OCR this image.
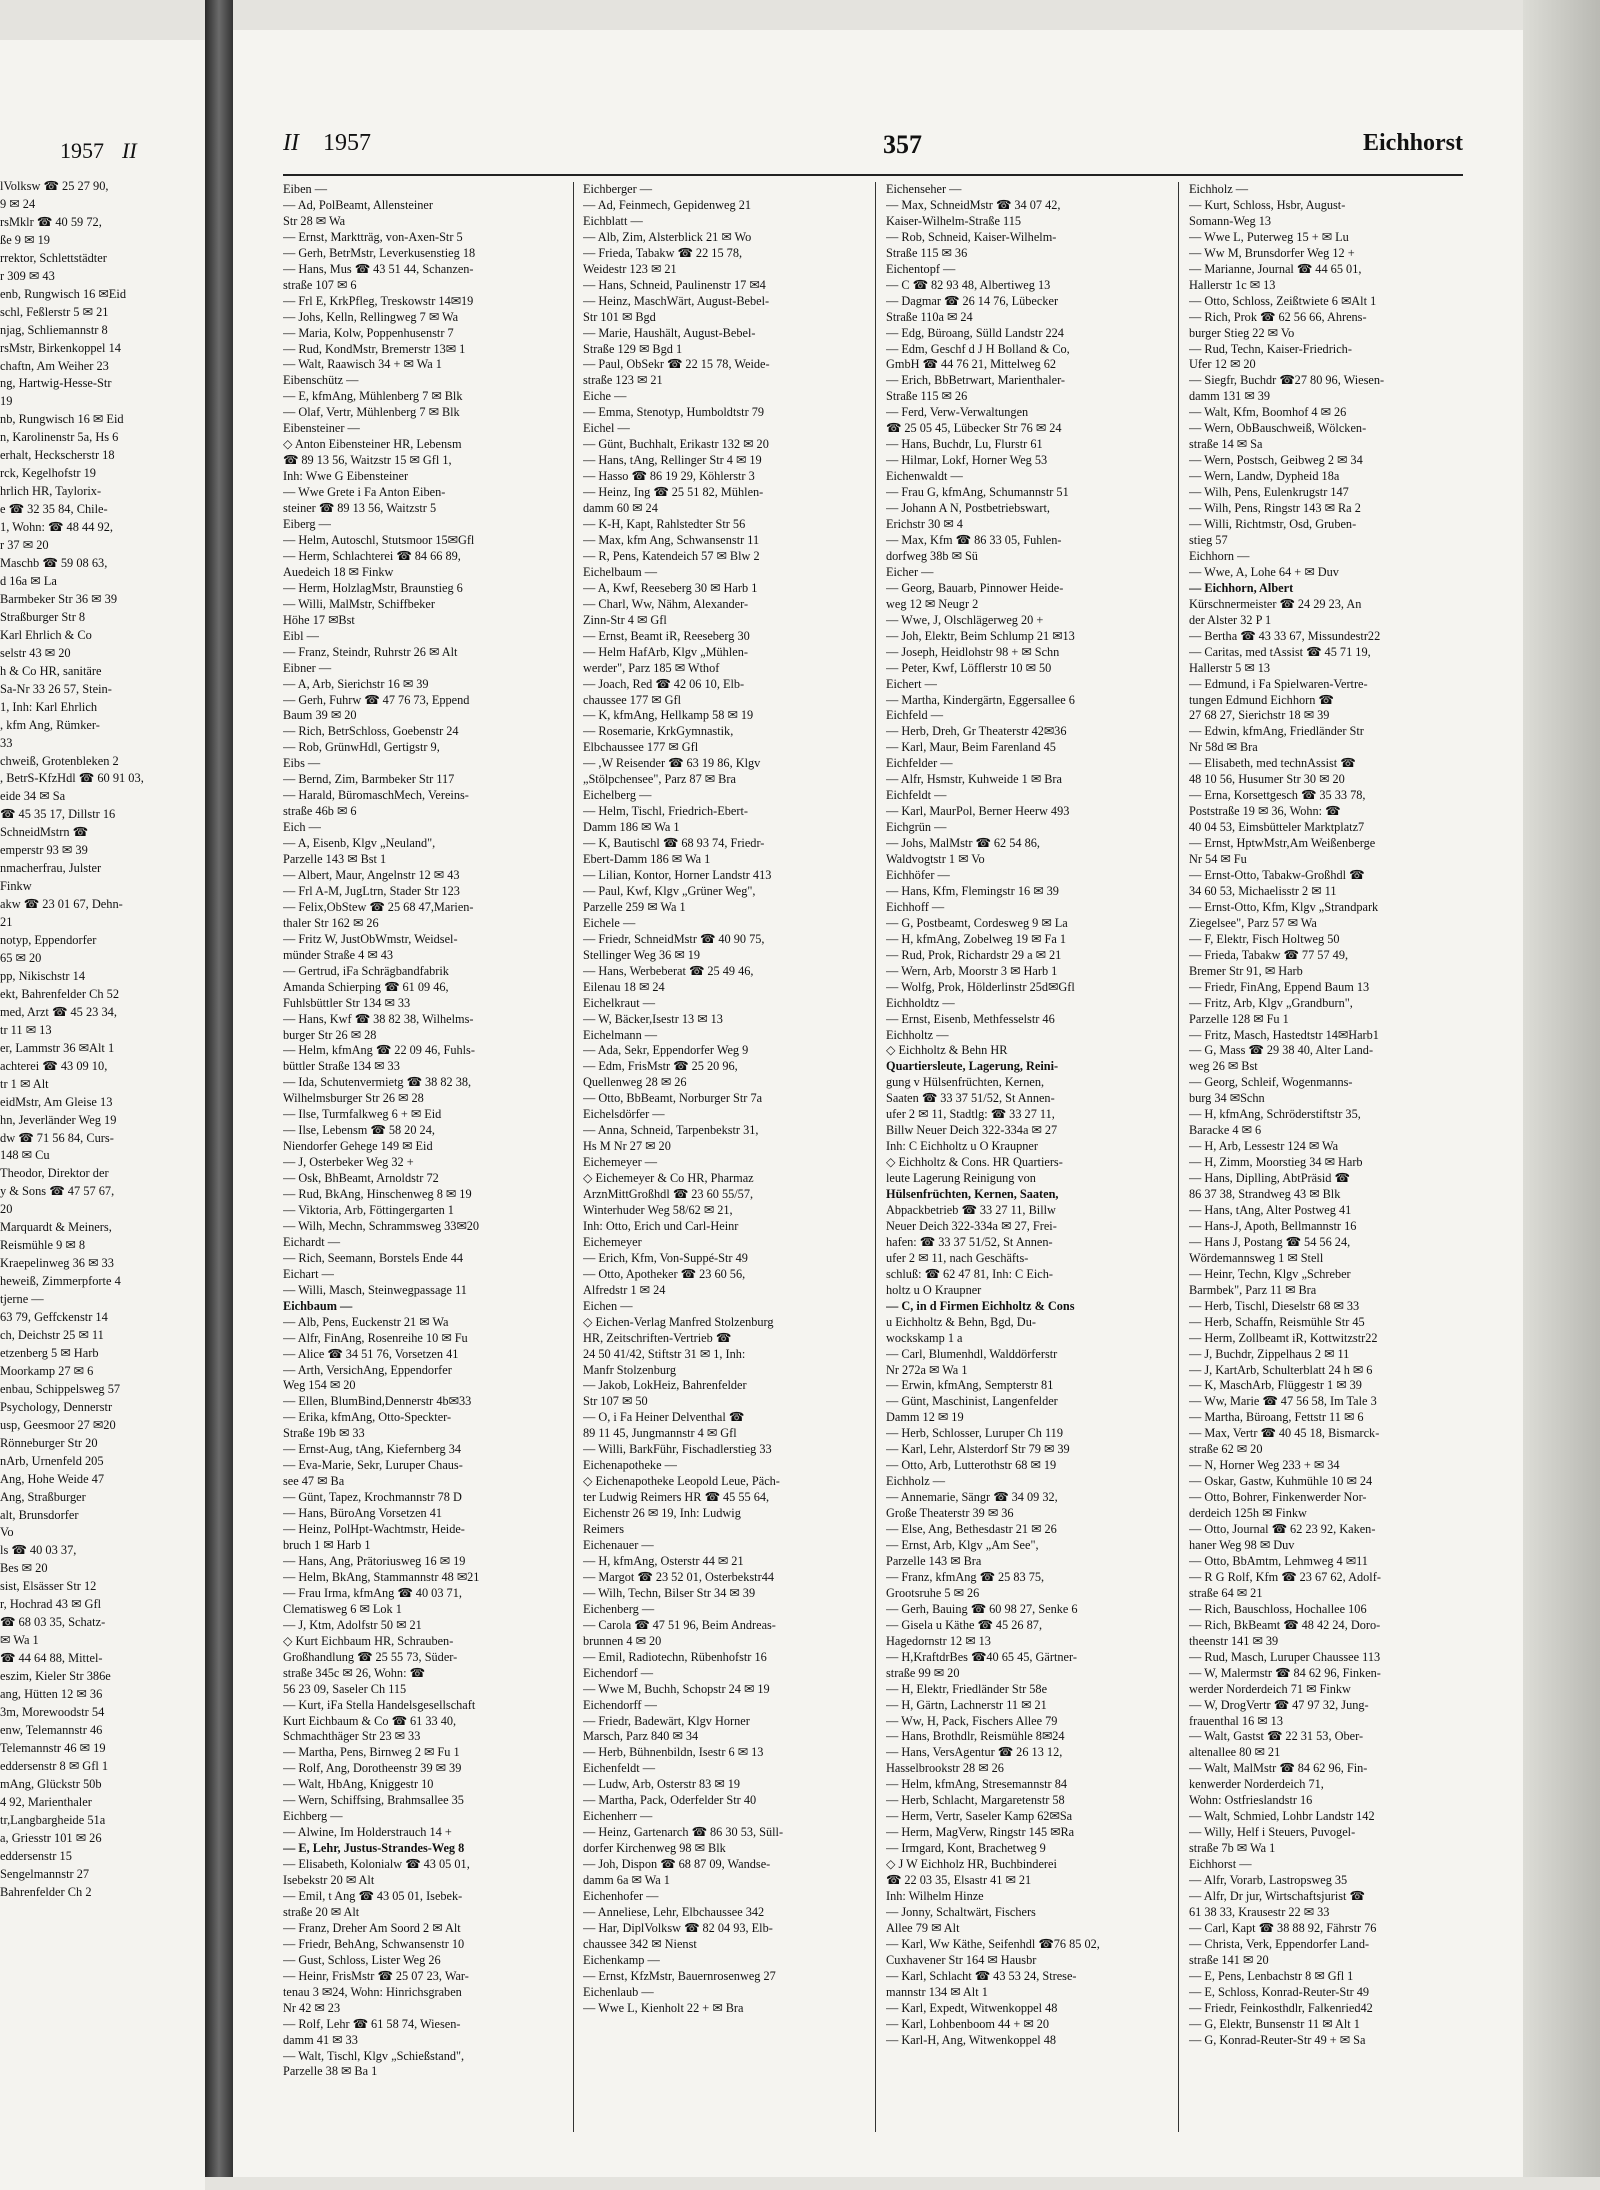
1957 II
lVolksw ☎ 25 27 90,
9 ✉ 24
rsMklr ☎ 40 59 72,
ße 9 ✉ 19
rrektor, Schlettstädter
r 309 ✉ 43
enb, Rungwisch 16 ✉Eid
schl, Feßlerstr 5 ✉ 21
njag, Schliemannstr 8
rsMstr, Birkenkoppel 14
chaftn, Am Weiher 23
ng, Hartwig-Hesse-Str
19
nb, Rungwisch 16 ✉ Eid
n, Karolinenstr 5a, Hs 6
erhalt, Heckscherstr 18
rck, Kegelhofstr 19
hrlich HR, Taylorix-
e ☎ 32 35 84, Chile-
1, Wohn: ☎ 48 44 92,
r 37 ✉ 20
Maschb ☎ 59 08 63,
d 16a ✉ La
Barmbeker Str 36 ✉ 39
Straßburger Str 8
Karl Ehrlich & Co
selstr 43 ✉ 20
h & Co HR, sanitäre
Sa-Nr 33 26 57, Stein-
1, Inh: Karl Ehrlich
, kfm Ang, Rümker-
33
chweiß, Grotenbleken 2
, BetrS-KfzHdl ☎ 60 91 03,
eide 34 ✉ Sa
☎ 45 35 17, Dillstr 16
SchneidMstrn ☎
emperstr 93 ✉ 39
nmacherfrau, Julster
Finkw
akw ☎ 23 01 67, Dehn-
21
notyp, Eppendorfer
65 ✉ 20
pp, Nikischstr 14
ekt, Bahrenfelder Ch 52
med, Arzt ☎ 45 23 34,
tr 11 ✉ 13
er, Lammstr 36 ✉Alt 1
achterei ☎ 43 09 10,
tr 1 ✉ Alt
eidMstr, Am Gleise 13
hn, Jeverländer Weg 19
dw ☎ 71 56 84, Curs-
148 ✉ Cu
Theodor, Direktor der
y & Sons ☎ 47 57 67,
20
Marquardt & Meiners,
Reismühle 9 ✉ 8
Kraepelinweg 36 ✉ 33
heweiß, Zimmerpforte 4
tjerne —
63 79, Geffckenstr 14
ch, Deichstr 25 ✉ 11
etzenberg 5 ✉ Harb
Moorkamp 27 ✉ 6
enbau, Schippelsweg 57
Psychology, Dennerstr
usp, Geesmoor 27 ✉20
Rönneburger Str 20
nArb, Urnenfeld 205
Ang, Hohe Weide 47
Ang, Straßburger
alt, Brunsdorfer
Vo
ls ☎ 40 03 37,
Bes ✉ 20
sist, Elsässer Str 12
r, Hochrad 43 ✉ Gfl
☎ 68 03 35, Schatz-
✉ Wa 1
☎ 44 64 88, Mittel-
eszim, Kieler Str 386e
ang, Hütten 12 ✉ 36
3m, Morewoodstr 54
enw, Telemannstr 46
Telemannstr 46 ✉ 19
eddersenstr 8 ✉ Gfl 1
mAng, Glückstr 50b
4 92, Marienthaler
tr,Langbargheide 51a
a, Griesstr 101 ✉ 26
eddersenstr 15
Sengelmannstr 27
Bahrenfelder Ch 2
II 1957	357	Eichhorst
Eiben —
— Ad, PolBeamt, Allensteiner
Str 28 ✉ Wa
— Ernst, Marktträg, von-Axen-Str 5
— Gerh, BetrMstr, Leverkusenstieg 18
— Hans, Mus ☎ 43 51 44, Schanzen-
straße 107 ✉ 6
— Frl E, KrkPfleg, Treskowstr 14✉19
— Johs, Kelln, Rellingweg 7 ✉ Wa
— Maria, Kolw, Poppenhusenstr 7
— Rud, KondMstr, Bremerstr 13✉ 1
— Walt, Raawisch 34 + ✉ Wa 1
Eibenschütz —
— E, kfmAng, Mühlenberg 7 ✉ Blk
— Olaf, Vertr, Mühlenberg 7 ✉ Blk
Eibensteiner —
◇ Anton Eibensteiner HR, Lebensm
☎ 89 13 56, Waitzstr 15 ✉ Gfl 1,
Inh: Wwe G Eibensteiner
— Wwe Grete i Fa Anton Eiben-
steiner ☎ 89 13 56, Waitzstr 5
Eiberg —
— Helm, Autoschl, Stutsmoor 15✉Gfl
— Herm, Schlachterei ☎ 84 66 89,
Auedeich 18 ✉ Finkw
— Herm, HolzlagMstr, Braunstieg 6
— Willi, MalMstr, Schiffbeker
Höhe 17 ✉Bst
Eibl —
— Franz, Steindr, Ruhrstr 26 ✉ Alt
Eibner —
— A, Arb, Sierichstr 16 ✉ 39
— Gerh, Fuhrw ☎ 47 76 73, Eppend
Baum 39 ✉ 20
— Rich, BetrSchloss, Goebenstr 24
— Rob, GrünwHdl, Gertigstr 9,
Eibs —
— Bernd, Zim, Barmbeker Str 117
— Harald, BüromaschMech, Vereins-
straße 46b ✉ 6
Eich —
— A, Eisenb, Klgv „Neuland",
Parzelle 143 ✉ Bst 1
— Albert, Maur, Angelnstr 12 ✉ 43
— Frl A-M, JugLtrn, Stader Str 123
— Felix,ObStew ☎ 25 68 47,Marien-
thaler Str 162 ✉ 26
— Fritz W, JustObWmstr, Weidsel-
münder Straße 4 ✉ 43
— Gertrud, iFa Schrägbandfabrik
Amanda Schierping ☎ 61 09 46,
Fuhlsbüttler Str 134 ✉ 33
— Hans, Kwf ☎ 38 82 38, Wilhelms-
burger Str 26 ✉ 28
— Helm, kfmAng ☎ 22 09 46, Fuhls-
büttler Straße 134 ✉ 33
— Ida, Schutenvermietg ☎ 38 82 38,
Wilhelmsburger Str 26 ✉ 28
— Ilse, Turmfalkweg 6 + ✉ Eid
— Ilse, Lebensm ☎ 58 20 24,
Niendorfer Gehege 149 ✉ Eid
— J, Osterbeker Weg 32 +
— Osk, BhBeamt, Arnoldstr 72
— Rud, BkAng, Hinschenweg 8 ✉ 19
— Viktoria, Arb, Föttingergarten 1
— Wilh, Mechn, Schrammsweg 33✉20
Eichardt —
— Rich, Seemann, Borstels Ende 44
Eichart —
— Willi, Masch, Steinwegpassage 11
Eichbaum —
— Alb, Pens, Euckenstr 21 ✉ Wa
— Alfr, FinAng, Rosenreihe 10 ✉ Fu
— Alice ☎ 34 51 76, Vorsetzen 41
— Arth, VersichAng, Eppendorfer
Weg 154 ✉ 20
— Ellen, BlumBind,Dennerstr 4b✉33
— Erika, kfmAng, Otto-Speckter-
Straße 19b ✉ 33
— Ernst-Aug, tAng, Kiefernberg 34
— Eva-Marie, Sekr, Luruper Chaus-
see 47 ✉ Ba
— Günt, Tapez, Krochmannstr 78 D
— Hans, BüroAng Vorsetzen 41
— Heinz, PolHpt-Wachtmstr, Heide-
bruch 1 ✉ Harb 1
— Hans, Ang, Prätoriusweg 16 ✉ 19
— Helm, BkAng, Stammannstr 48 ✉21
— Frau Irma, kfmAng ☎ 40 03 71,
Clematisweg 6 ✉ Lok 1
— J, Ktm, Adolfstr 50 ✉ 21
◇ Kurt Eichbaum HR, Schrauben-
Großhandlung ☎ 25 55 73, Süder-
straße 345c ✉ 26, Wohn: ☎
56 23 09, Saseler Ch 115
— Kurt, iFa Stella Handelsgesellschaft
Kurt Eichbaum & Co ☎ 61 33 40,
Schmachthäger Str 23 ✉ 33
— Martha, Pens, Birnweg 2 ✉ Fu 1
— Rolf, Ang, Dorotheenstr 39 ✉ 39
— Walt, HbAng, Kniggestr 10
— Wern, Schiffsing, Brahmsallee 35
Eichberg —
— Alwine, Im Holderstrauch 14 +
— E, Lehr, Justus-Strandes-Weg 8
— Elisabeth, Kolonialw ☎ 43 05 01,
Isebekstr 20 ✉ Alt
— Emil, t Ang ☎ 43 05 01, Isebek-
straße 20 ✉ Alt
— Franz, Dreher Am Soord 2 ✉ Alt
— Friedr, BehAng, Schwansenstr 10
— Gust, Schloss, Lister Weg 26
— Heinr, FrisMstr ☎ 25 07 23, War-
tenau 3 ✉24, Wohn: Hinrichsgraben
Nr 42 ✉ 23
— Rolf, Lehr ☎ 61 58 74, Wiesen-
damm 41 ✉ 33
— Walt, Tischl, Klgv „Schießstand",
Parzelle 38 ✉ Ba 1
Eichberger —
— Ad, Feinmech, Gepidenweg 21
Eichblatt —
— Alb, Zim, Alsterblick 21 ✉ Wo
— Frieda, Tabakw ☎ 22 15 78,
Weidestr 123 ✉ 21
— Hans, Schneid, Paulinenstr 17 ✉4
— Heinz, MaschWärt, August-Bebel-
Str 101 ✉ Bgd
— Marie, Haushält, August-Bebel-
Straße 129 ✉ Bgd 1
— Paul, ObSekr ☎ 22 15 78, Weide-
straße 123 ✉ 21
Eiche —
— Emma, Stenotyp, Humboldtstr 79
Eichel —
— Günt, Buchhalt, Erikastr 132 ✉ 20
— Hans, tAng, Rellinger Str 4 ✉ 19
— Hasso ☎ 86 19 29, Köhlerstr 3
— Heinz, Ing ☎ 25 51 82, Mühlen-
damm 60 ✉ 24
— K-H, Kapt, Rahlstedter Str 56
— Max, kfm Ang, Schwansenstr 11
— R, Pens, Katendeich 57 ✉ Blw 2
Eichelbaum —
— A, Kwf, Reeseberg 30 ✉ Harb 1
— Charl, Ww, Nähm, Alexander-
Zinn-Str 4 ✉ Gfl
— Ernst, Beamt iR, Reeseberg 30
— Helm HafArb, Klgv „Mühlen-
werder", Parz 185 ✉ Wthof
— Joach, Red ☎ 42 06 10, Elb-
chaussee 177 ✉ Gfl
— K, kfmAng, Hellkamp 58 ✉ 19
— Rosemarie, KrkGymnastik,
Elbchaussee 177 ✉ Gfl
— ,W Reisender ☎ 63 19 86, Klgv
„Stölpchensee", Parz 87 ✉ Bra
Eichelberg —
— Helm, Tischl, Friedrich-Ebert-
Damm 186 ✉ Wa 1
— K, Bautischl ☎ 68 93 74, Friedr-
Ebert-Damm 186 ✉ Wa 1
— Lilian, Kontor, Horner Landstr 413
— Paul, Kwf, Klgv „Grüner Weg",
Parzelle 259 ✉ Wa 1
Eichele —
— Friedr, SchneidMstr ☎ 40 90 75,
Stellinger Weg 36 ✉ 19
— Hans, Werbeberat ☎ 25 49 46,
Eilenau 18 ✉ 24
Eichelkraut —
— W, Bäcker,Isestr 13 ✉ 13
Eichelmann —
— Ada, Sekr, Eppendorfer Weg 9
— Edm, FrisMstr ☎ 25 20 96,
Quellenweg 28 ✉ 26
— Otto, BbBeamt, Norburger Str 7a
Eichelsdörfer —
— Anna, Schneid, Tarpenbekstr 31,
Hs M Nr 27 ✉ 20
Eichemeyer —
◇ Eichemeyer & Co HR, Pharmaz
ArznMittGroßhdl ☎ 23 60 55/57,
Winterhuder Weg 58/62 ✉ 21,
Inh: Otto, Erich und Carl-Heinr
Eichemeyer
— Erich, Kfm, Von-Suppé-Str 49
— Otto, Apotheker ☎ 23 60 56,
Alfredstr 1 ✉ 24
Eichen —
◇ Eichen-Verlag Manfred Stolzenburg
HR, Zeitschriften-Vertrieb ☎
24 50 41/42, Stiftstr 31 ✉ 1, Inh:
Manfr Stolzenburg
— Jakob, LokHeiz, Bahrenfelder
Str 107 ✉ 50
— O, i Fa Heiner Delventhal ☎
89 11 45, Jungmannstr 4 ✉ Gfl
— Willi, BarkFühr, Fischadlerstieg 33
Eichenapotheke —
◇ Eichenapotheke Leopold Leue, Päch-
ter Ludwig Reimers HR ☎ 45 55 64,
Eichenstr 26 ✉ 19, Inh: Ludwig
Reimers
Eichenauer —
— H, kfmAng, Osterstr 44 ✉ 21
— Margot ☎ 23 52 01, Osterbekstr44
— Wilh, Techn, Bilser Str 34 ✉ 39
Eichenberg —
— Carola ☎ 47 51 96, Beim Andreas-
brunnen 4 ✉ 20
— Emil, Radiotechn, Rübenhofstr 16
Eichendorf —
— Wwe M, Buchh, Schopstr 24 ✉ 19
Eichendorff —
— Friedr, Badewärt, Klgv Horner
Marsch, Parz 840 ✉ 34
— Herb, Bühnenbildn, Isestr 6 ✉ 13
Eichenfeldt —
— Ludw, Arb, Osterstr 83 ✉ 19
— Martha, Pack, Oderfelder Str 40
Eichenherr —
— Heinz, Gartenarch ☎ 86 30 53, Süll-
dorfer Kirchenweg 98 ✉ Blk
— Joh, Dispon ☎ 68 87 09, Wandse-
damm 6a ✉ Wa 1
Eichenhofer —
— Anneliese, Lehr, Elbchaussee 342
— Har, DiplVolksw ☎ 82 04 93, Elb-
chaussee 342 ✉ Nienst
Eichenkamp —
— Ernst, KfzMstr, Bauernrosenweg 27
Eichenlaub —
— Wwe L, Kienholt 22 + ✉ Bra
Eichenseher —
— Max, SchneidMstr ☎ 34 07 42,
Kaiser-Wilhelm-Straße 115
— Rob, Schneid, Kaiser-Wilhelm-
Straße 115 ✉ 36
Eichentopf —
— C ☎ 82 93 48, Albertiweg 13
— Dagmar ☎ 26 14 76, Lübecker
Straße 110a ✉ 24
— Edg, Büroang, Sülld Landstr 224
— Edm, Geschf d J H Bolland & Co,
GmbH ☎ 44 76 21, Mittelweg 62
— Erich, BbBetrwart, Marienthaler-
Straße 115 ✉ 26
— Ferd, Verw-Verwaltungen
☎ 25 05 45, Lübecker Str 76 ✉ 24
— Hans, Buchdr, Lu, Flurstr 61
— Hilmar, Lokf, Horner Weg 53
Eichenwaldt —
— Frau G, kfmAng, Schumannstr 51
— Johann A N, Postbetriebswart,
Erichstr 30 ✉ 4
— Max, Kfm ☎ 86 33 05, Fuhlen-
dorfweg 38b ✉ Sü
Eicher —
— Georg, Bauarb, Pinnower Heide-
weg 12 ✉ Neugr 2
— Wwe, J, Olschlägerweg 20 +
— Joh, Elektr, Beim Schlump 21 ✉13
— Joseph, Heidlohstr 98 + ✉ Schn
— Peter, Kwf, Löfflerstr 10 ✉ 50
Eichert —
— Martha, Kindergärtn, Eggersallee 6
Eichfeld —
— Herb, Dreh, Gr Theaterstr 42✉36
— Karl, Maur, Beim Farenland 45
Eichfelder —
— Alfr, Hsmstr, Kuhweide 1 ✉ Bra
Eichfeldt —
— Karl, MaurPol, Berner Heerw 493
Eichgrün —
— Johs, MalMstr ☎ 62 54 86,
Waldvogtstr 1 ✉ Vo
Eichhöfer —
— Hans, Kfm, Flemingstr 16 ✉ 39
Eichhoff —
— G, Postbeamt, Cordesweg 9 ✉ La
— H, kfmAng, Zobelweg 19 ✉ Fa 1
— Rud, Prok, Richardstr 29 a ✉ 21
— Wern, Arb, Moorstr 3 ✉ Harb 1
— Wolfg, Prok, Hölderlinstr 25d✉Gfl
Eichholdtz —
— Ernst, Eisenb, Methfesselstr 46
Eichholtz —
◇ Eichholtz & Behn HR
Quartiersleute, Lagerung, Reini-
gung v Hülsenfrüchten, Kernen,
Saaten ☎ 33 37 51/52, St Annen-
ufer 2 ✉ 11, Stadtlg: ☎ 33 27 11,
Billw Neuer Deich 322-334a ✉ 27
Inh: C Eichholtz u O Kraupner
◇ Eichholtz & Cons. HR Quartiers-
leute Lagerung Reinigung von
Hülsenfrüchten, Kernen, Saaten,
Abpackbetrieb ☎ 33 27 11, Billw
Neuer Deich 322-334a ✉ 27, Frei-
hafen: ☎ 33 37 51/52, St Annen-
ufer 2 ✉ 11, nach Geschäfts-
schluß: ☎ 62 47 81, Inh: C Eich-
holtz u O Kraupner
— C, in d Firmen Eichholtz & Cons
u Eichholtz & Behn, Bgd, Du-
wockskamp 1 a
— Carl, Blumenhdl, Walddörferstr
Nr 272a ✉ Wa 1
— Erwin, kfmAng, Sempterstr 81
— Günt, Maschinist, Langenfelder
Damm 12 ✉ 19
— Herb, Schlosser, Luruper Ch 119
— Karl, Lehr, Alsterdorf Str 79 ✉ 39
— Otto, Arb, Lutterothstr 68 ✉ 19
Eichholz —
— Annemarie, Sängr ☎ 34 09 32,
Große Theaterstr 39 ✉ 36
— Else, Ang, Bethesdastr 21 ✉ 26
— Ernst, Arb, Klgv „Am See",
Parzelle 143 ✉ Bra
— Franz, kfmAng ☎ 25 83 75,
Grootsruhe 5 ✉ 26
— Gerh, Bauing ☎ 60 98 27, Senke 6
— Gisela u Käthe ☎ 45 26 87,
Hagedornstr 12 ✉ 13
— H,KraftdrBes ☎40 65 45, Gärtner-
straße 99 ✉ 20
— H, Elektr, Friedländer Str 58e
— H, Gärtn, Lachnerstr 11 ✉ 21
— Ww, H, Pack, Fischers Allee 79
— Hans, Brothdlr, Reismühle 8✉24
— Hans, VersAgentur ☎ 26 13 12,
Hasselbrookstr 28 ✉ 26
— Helm, kfmAng, Stresemannstr 84
— Herb, Schlacht, Margaretenstr 58
— Herm, Vertr, Saseler Kamp 62✉Sa
— Herm, MagVerw, Ringstr 145 ✉Ra
— Irmgard, Kont, Brachetweg 9
◇ J W Eichholz HR, Buchbinderei
☎ 22 03 35, Elsastr 41 ✉ 21
Inh: Wilhelm Hinze
— Jonny, Schaltwärt, Fischers
Allee 79 ✉ Alt
— Karl, Ww Käthe, Seifenhdl ☎76 85 02,
Cuxhavener Str 164 ✉ Hausbr
— Karl, Schlacht ☎ 43 53 24, Strese-
mannstr 134 ✉ Alt 1
— Karl, Expedt, Witwenkoppel 48
— Karl, Lohbenboom 44 + ✉ 20
— Karl-H, Ang, Witwenkoppel 48
Eichholz —
— Kurt, Schloss, Hsbr, August-
Somann-Weg 13
— Wwe L, Puterweg 15 + ✉ Lu
— Ww M, Brunsdorfer Weg 12 +
— Marianne, Journal ☎ 44 65 01,
Hallerstr 1c ✉ 13
— Otto, Schloss, Zeißtwiete 6 ✉Alt 1
— Rich, Prok ☎ 62 56 66, Ahrens-
burger Stieg 22 ✉ Vo
— Rud, Techn, Kaiser-Friedrich-
Ufer 12 ✉ 20
— Siegfr, Buchdr ☎27 80 96, Wiesen-
damm 131 ✉ 39
— Walt, Kfm, Boomhof 4 ✉ 26
— Wern, ObBauschweiß, Wölcken-
straße 14 ✉ Sa
— Wern, Postsch, Geibweg 2 ✉ 34
— Wern, Landw, Dypheid 18a
— Wilh, Pens, Eulenkrugstr 147
— Wilh, Pens, Ringstr 143 ✉ Ra 2
— Willi, Richtmstr, Osd, Gruben-
stieg 57
Eichhorn —
— Wwe, A, Lohe 64 + ✉ Duv
— Eichhorn, Albert
Kürschnermeister ☎ 24 29 23, An
der Alster 32 P 1
— Bertha ☎ 43 33 67, Missundestr22
— Caritas, med tAssist ☎ 45 71 19,
Hallerstr 5 ✉ 13
— Edmund, i Fa Spielwaren-Vertre-
tungen Edmund Eichhorn ☎
27 68 27, Sierichstr 18 ✉ 39
— Edwin, kfmAng, Friedländer Str
Nr 58d ✉ Bra
— Elisabeth, med technAssist ☎
48 10 56, Husumer Str 30 ✉ 20
— Erna, Korsettgesch ☎ 35 33 78,
Poststraße 19 ✉ 36, Wohn: ☎
40 04 53, Eimsbütteler Marktplatz7
— Ernst, HptwMstr,Am Weißenberge
Nr 54 ✉ Fu
— Ernst-Otto, Tabakw-Großhdl ☎
34 60 53, Michaelisstr 2 ✉ 11
— Ernst-Otto, Kfm, Klgv „Strandpark
Ziegelsee", Parz 57 ✉ Wa
— F, Elektr, Fisch Holtweg 50
— Frieda, Tabakw ☎ 77 57 49,
Bremer Str 91, ✉ Harb
— Friedr, FinAng, Eppend Baum 13
— Fritz, Arb, Klgv „Grandburn",
Parzelle 128 ✉ Fu 1
— Fritz, Masch, Hastedtstr 14✉Harb1
— G, Mass ☎ 29 38 40, Alter Land-
weg 26 ✉ Bst
— Georg, Schleif, Wogenmanns-
burg 34 ✉Schn
— H, kfmAng, Schröderstiftstr 35,
Baracke 4 ✉ 6
— H, Arb, Lessestr 124 ✉ Wa
— H, Zimm, Moorstieg 34 ✉ Harb
— Hans, Diplling, AbtPräsid ☎
86 37 38, Strandweg 43 ✉ Blk
— Hans, tAng, Alter Postweg 41
— Hans-J, Apoth, Bellmannstr 16
— Hans J, Postang ☎ 54 56 24,
Wördemannsweg 1 ✉ Stell
— Heinr, Techn, Klgv „Schreber
Barmbek", Parz 11 ✉ Bra
— Herb, Tischl, Dieselstr 68 ✉ 33
— Herb, Schaffn, Reismühle Str 45
— Herm, Zollbeamt iR, Kottwitzstr22
— J, Buchdr, Zippelhaus 2 ✉ 11
— J, KartArb, Schulterblatt 24 h ✉ 6
— K, MaschArb, Flüggestr 1 ✉ 39
— Ww, Marie ☎ 47 56 58, Im Tale 3
— Martha, Büroang, Fettstr 11 ✉ 6
— Max, Vertr ☎ 40 45 18, Bismarck-
straße 62 ✉ 20
— N, Horner Weg 233 + ✉ 34
— Oskar, Gastw, Kuhmühle 10 ✉ 24
— Otto, Bohrer, Finkenwerder Nor-
derdeich 125h ✉ Finkw
— Otto, Journal ☎ 62 23 92, Kaken-
haner Weg 98 ✉ Duv
— Otto, BbAmtm, Lehmweg 4 ✉11
— R G Rolf, Kfm ☎ 23 67 62, Adolf-
straße 64 ✉ 21
— Rich, Bauschloss, Hochallee 106
— Rich, BkBeamt ☎ 48 42 24, Doro-
theenstr 141 ✉ 39
— Rud, Masch, Luruper Chaussee 113
— W, Malermstr ☎ 84 62 96, Finken-
werder Norderdeich 71 ✉ Finkw
— W, DrogVertr ☎ 47 97 32, Jung-
frauenthal 16 ✉ 13
— Walt, Gastst ☎ 22 31 53, Ober-
altenallee 80 ✉ 21
— Walt, MalMstr ☎ 84 62 96, Fin-
kenwerder Norderdeich 71,
Wohn: Ostfrieslandstr 16
— Walt, Schmied, Lohbr Landstr 142
— Willy, Helf i Steuers, Puvogel-
straße 7b ✉ Wa 1
Eichhorst —
— Alfr, Vorarb, Lastropsweg 35
— Alfr, Dr jur, Wirtschaftsjurist ☎
61 38 33, Krausestr 22 ✉ 33
— Carl, Kapt ☎ 38 88 92, Fährstr 76
— Christa, Verk, Eppendorfer Land-
straße 141 ✉ 20
— E, Pens, Lenbachstr 8 ✉ Gfl 1
— E, Schloss, Konrad-Reuter-Str 49
— Friedr, Feinkosthdlr, Falkenried42
— G, Elektr, Bunsenstr 11 ✉ Alt 1
— G, Konrad-Reuter-Str 49 + ✉ Sa
